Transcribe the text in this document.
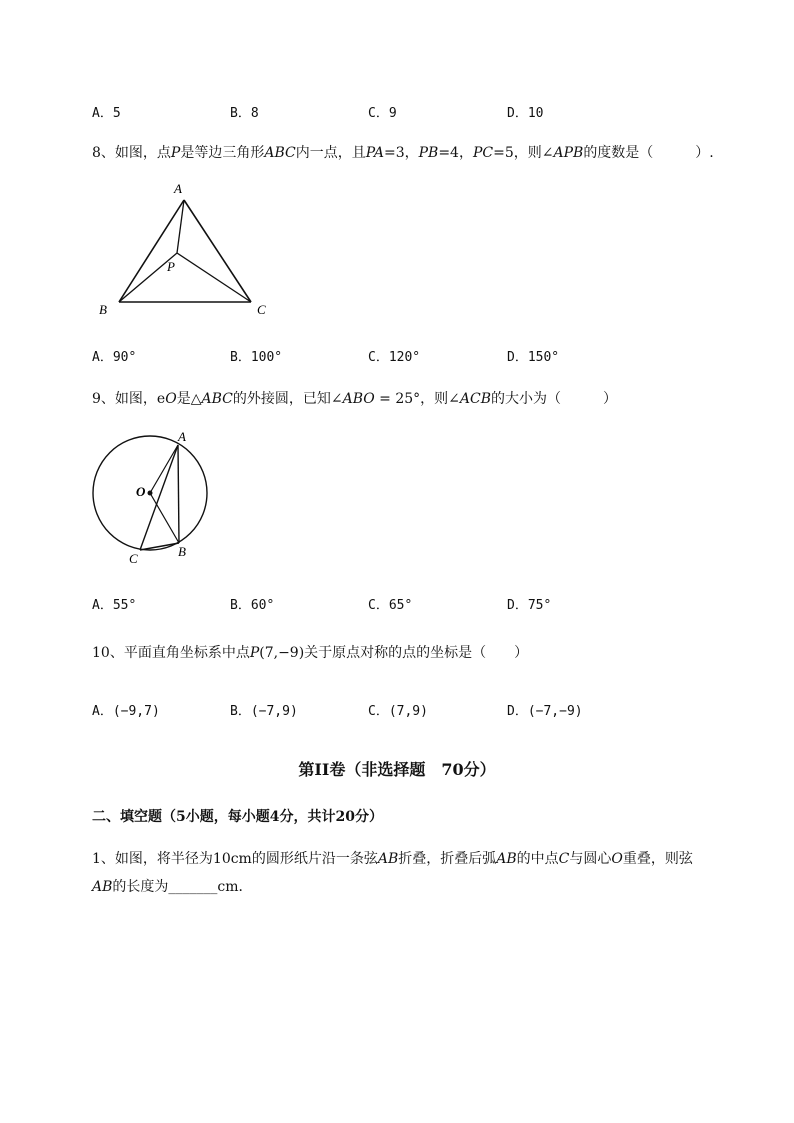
A．5	B．8	C．9	D．10
8、如图，点P是等边三角形ABC内一点，且PA=3，PB=4，PC=5，则∠APB的度数是（　　　）.
A
P
B	C
A．90°	B．100°	C．120°	D．150°
9、如图，eO是△ABC的外接圆，已知∠ABO = 25°，则∠ACB的大小为（　　　）
A
O
C	B
A．55°	B．60°	C．65°	D．75°
10、平面直角坐标系中点P(7,−9)关于原点对称的点的坐标是（　　）
A．(−9,7)	B．(−7,9)	C．(7,9)	D．(−7,−9)
第II卷（非选择题　70分）
二、填空题（5小题，每小题4分，共计20分）
1、如图，将半径为10cm的圆形纸片沿一条弦AB折叠，折叠后弧AB的中点C与圆心O重叠，则弦
AB的长度为_______cm．
